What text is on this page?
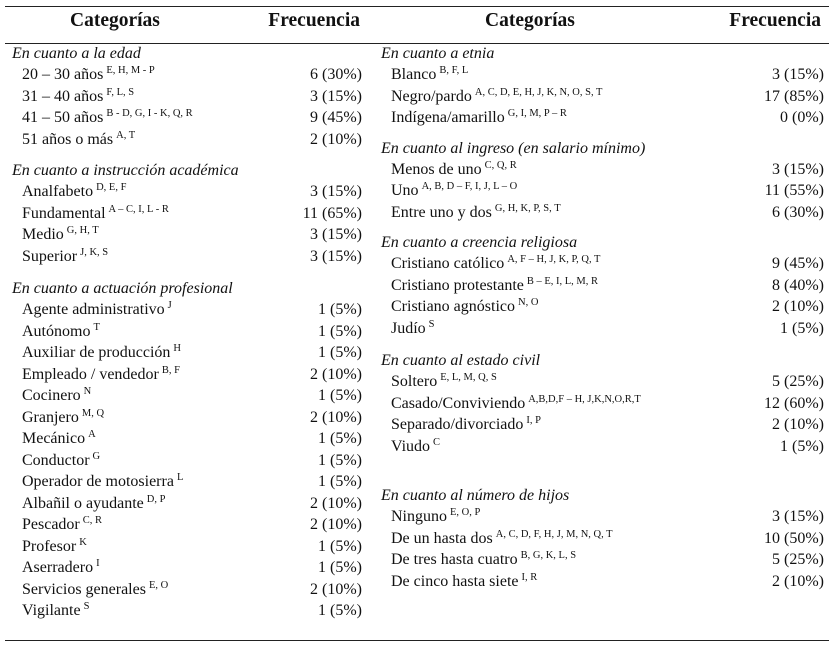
Categorías	Frecuencia
En cuanto a la edad
20 – 30 años $^{E, H, M - P}$	6 (30%)
31 – 40 años $^{F, L, S}$	3 (15%)
41 – 50 años $^{B - D, G, I - K, Q, R}$	9 (45%)
51 años o más $^{A, T}$	2 (10%)
En cuanto a instrucción académica
Analfabeto $^{D, E, F}$	3 (15%)
Fundamental $^{A - C, I, L - R}$	11 (65%)
Medio $^{G, H, T}$	3 (15%)
Superior $^{J, K, S}$	3 (15%)
En cuanto a actuación profesional
Agente administrativo $^J$	1 (5%)
Autónomo $^T$	1 (5%)
Auxiliar de producción $^H$	1 (5%)
Empleado / vendedor $^{B, F}$	2 (10%)
Cocinero $^N$	1 (5%)
Granjero $^{M, Q}$	2 (10%)
Mecánico $^A$	1 (5%)
Conductor $^G$	1 (5%)
Operador de motosierra $^L$	1 (5%)
Albañil o ayudante $^{D, P}$	2 (10%)
Pescador $^{C, R}$	2 (10%)
Profesor $^K$	1 (5%)
Aserradero $^I$	1 (5%)
Servicios generales $^{E, O}$	2 (10%)
Vigilante $^S$	1 (5%)
Categorías	Frecuencia
En cuanto a etnia
Blanco $^{B, F, L}$	3 (15%)
Negro/pardo $^{A, C, D, E, H, J, K, N, O, S, T}$	17 (85%)
Indígena/amarillo $^{G, I, M, P - R}$	0 (0%)
En cuanto al ingreso (en salario mínimo)
Menos de uno $^{C, Q, R}$	3 (15%)
Uno $^{A, B, D - F, I, J, L - O}$	11 (55%)
Entre uno y dos $^{G, H, K, P, S, T}$	6 (30%)
En cuanto a creencia religiosa
Cristiano católico $^{A, F - H, J, K, P, Q, T}$	9 (45%)
Cristiano protestante $^{B - E, I, L, M, R}$	8 (40%)
Cristiano agnóstico $^{N, O}$	2 (10%)
Judío $^S$	1 (5%)
En cuanto al estado civil
Soltero $^{E, L, M, Q, S}$	5 (25%)
Casado/Conviviendo $^{A,B,D,F - H, J,K,N,O,R,T}$	12 (60%)
Separado/divorciado $^{I, P}$	2 (10%)
Viudo $^C$	1 (5%)
En cuanto al número de hijos
Ninguno $^{E, O, P}$	3 (15%)
De un hasta dos $^{A, C, D, F, H, J, M, N, Q, T}$	10 (50%)
De tres hasta cuatro $^{B, G, K, L, S}$	5 (25%)
De cinco hasta siete $^{I, R}$	2 (10%)
